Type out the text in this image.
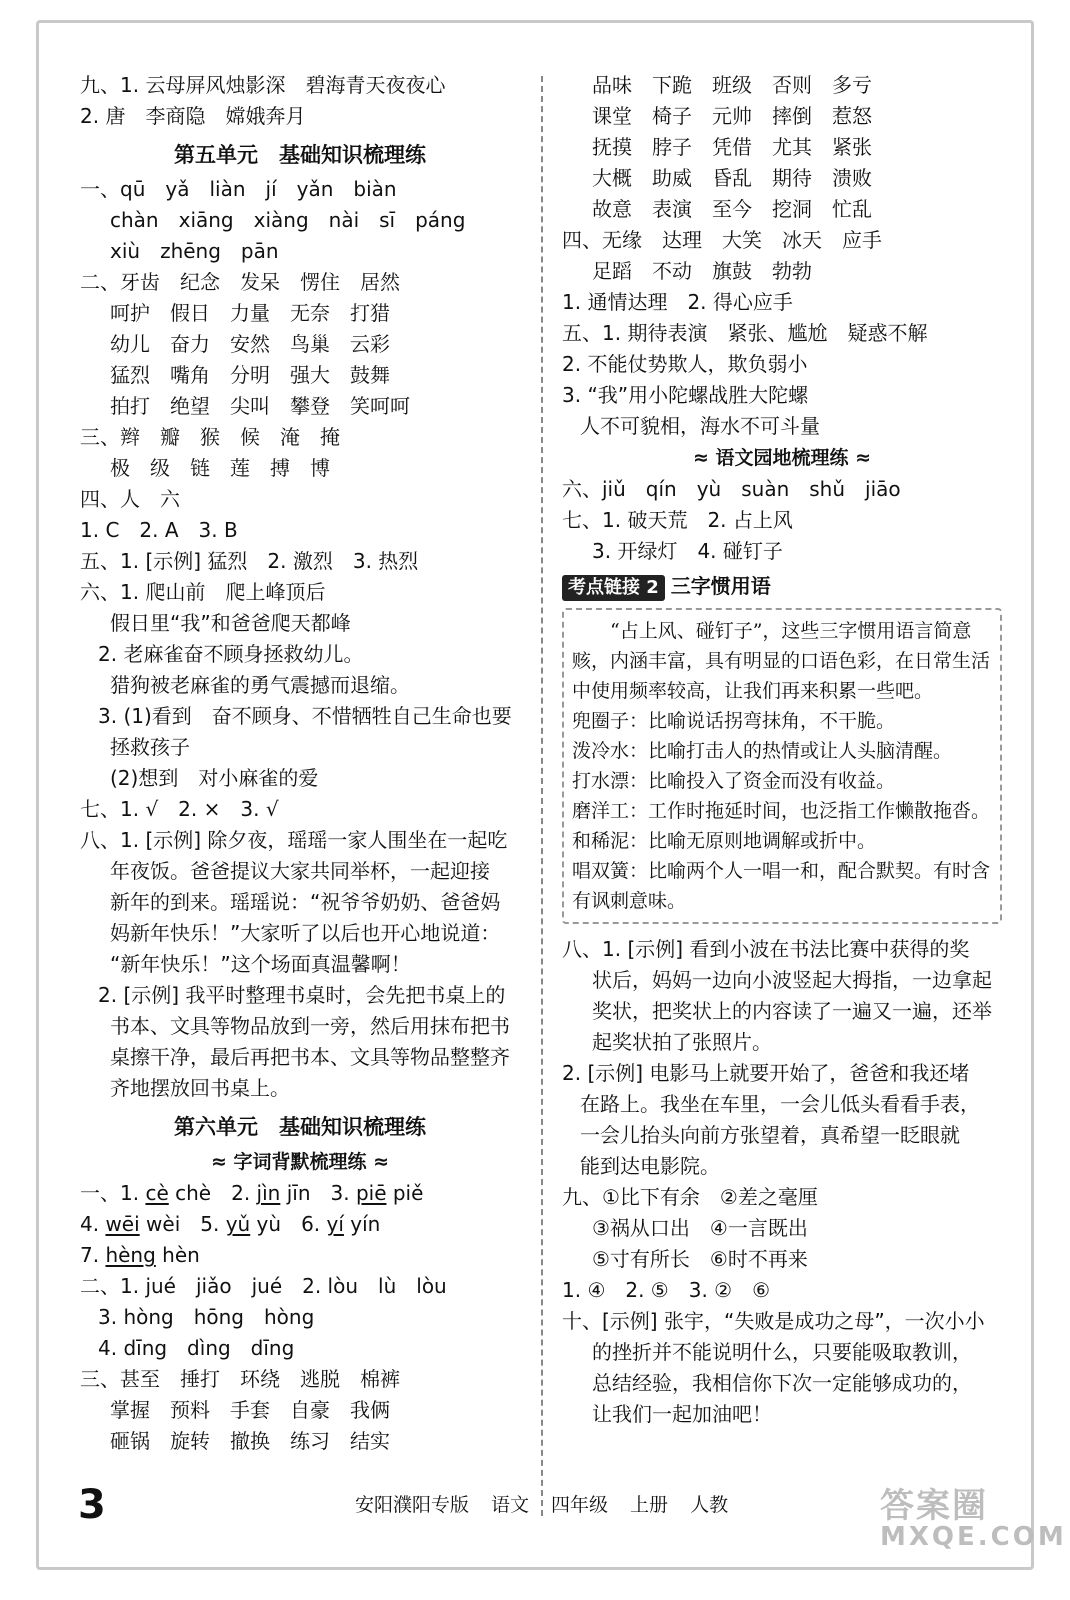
九、1. 云母屏风烛影深　碧海青天夜夜心
2. 唐　李商隐　嫦娥奔月
第五单元　基础知识梳理练
一、qū　yǎ　liàn　jí　yǎn　biàn
chàn　xiāng　xiàng　nài　sī　páng
xiù　zhēng　pān
二、牙齿　纪念　发呆　愣住　居然
呵护　假日　力量　无奈　打猎
幼儿　奋力　安然　鸟巢　云彩
猛烈　嘴角　分明　强大　鼓舞
拍打　绝望　尖叫　攀登　笑呵呵
三、辫　瓣　猴　候　淹　掩
极　级　链　莲　搏　博
四、人　六
1. C　2. A　3. B
五、1. [示例] 猛烈　2. 激烈　3. 热烈
六、1. 爬山前　爬上峰顶后
假日里“我”和爸爸爬天都峰
2. 老麻雀奋不顾身拯救幼儿。
猎狗被老麻雀的勇气震撼而退缩。
3. (1)看到　奋不顾身、不惜牺牲自己生命也要
拯救孩子
(2)想到　对小麻雀的爱
七、1. √　2. ×　3. √
八、1. [示例] 除夕夜，瑶瑶一家人围坐在一起吃
年夜饭。爸爸提议大家共同举杯，一起迎接
新年的到来。瑶瑶说：“祝爷爷奶奶、爸爸妈
妈新年快乐！”大家听了以后也开心地说道：
“新年快乐！”这个场面真温馨啊！
2. [示例] 我平时整理书桌时，会先把书桌上的
书本、文具等物品放到一旁，然后用抹布把书
桌擦干净，最后再把书本、文具等物品整整齐
齐地摆放回书桌上。
第六单元　基础知识梳理练
≈ 字词背默梳理练 ≈
一、1. cè chè　2. jìn jīn　3. piē piě
4. wēi wèi　5. yǔ yù　6. yí yín
7. hèng hèn
二、1. jué　jiǎo　jué　2. lòu　lù　lòu
3. hòng　hōng　hòng
4. dīng　dìng　dīng
三、甚至　捶打　环绕　逃脱　棉裤
掌握　预料　手套　自豪　我俩
砸锅　旋转　撤换　练习　结实
品味　下跪　班级　否则　多亏
课堂　椅子　元帅　摔倒　惹怒
抚摸　脖子　凭借　尤其　紧张
大概　助威　昏乱　期待　溃败
故意　表演　至今　挖洞　忙乱
四、无缘　达理　大笑　冰天　应手
足蹈　不动　旗鼓　勃勃
1. 通情达理　2. 得心应手
五、1. 期待表演　紧张、尴尬　疑惑不解
2. 不能仗势欺人，欺负弱小
3. “我”用小陀螺战胜大陀螺
人不可貌相，海水不可斗量
≈ 语文园地梳理练 ≈
六、jiǔ　qín　yù　suàn　shǔ　jiāo
七、1. 破天荒　2. 占上风
3. 开绿灯　4. 碰钉子
考点链接 2 三字惯用语
　　“占上风、碰钉子”，这些三字惯用语言简意赅，内涵丰富，具有明显的口语色彩，在日常生活中使用频率较高，让我们再来积累一些吧。
兜圈子：比喻说话拐弯抹角，不干脆。
泼冷水：比喻打击人的热情或让人头脑清醒。
打水漂：比喻投入了资金而没有收益。
磨洋工：工作时拖延时间，也泛指工作懒散拖沓。
和稀泥：比喻无原则地调解或折中。
唱双簧：比喻两个人一唱一和，配合默契。有时含有讽刺意味。
八、1. [示例] 看到小波在书法比赛中获得的奖
状后，妈妈一边向小波竖起大拇指，一边拿起
奖状，把奖状上的内容读了一遍又一遍，还举
起奖状拍了张照片。
2. [示例] 电影马上就要开始了，爸爸和我还堵
在路上。我坐在车里，一会儿低头看看手表，
一会儿抬头向前方张望着，真希望一眨眼就
能到达电影院。
九、①比下有余　②差之毫厘
③祸从口出　④一言既出
⑤寸有所长　⑥时不再来
1. ④　2. ⑤　3. ②　⑥
十、[示例] 张宇，“失败是成功之母”，一次小小
的挫折并不能说明什么，只要能吸取教训，
总结经验，我相信你下次一定能够成功的，
让我们一起加油吧！
3	安阳濮阳专版 语文 四年级 上册 人教	答案圈
MXQE.COM
